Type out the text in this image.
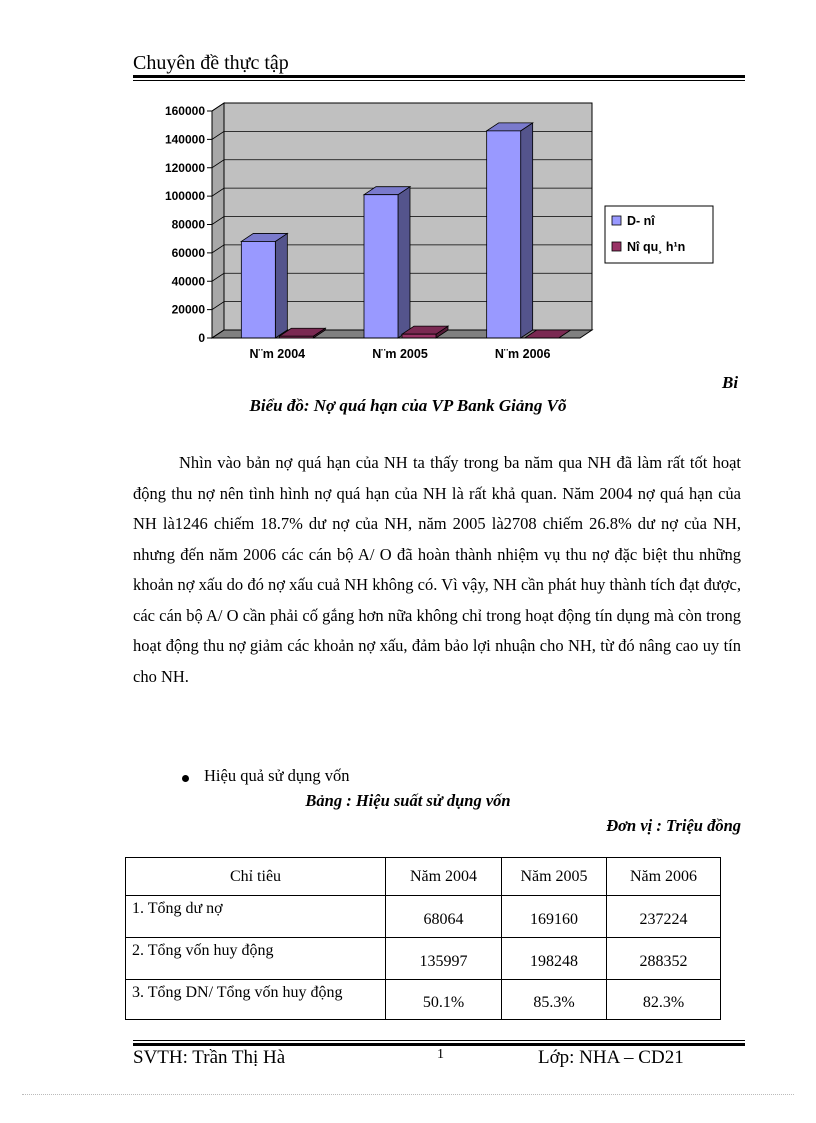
Chuyên đề thực tập
0
20000
40000
60000
80000
100000
120000
140000
160000
N¨m 2004	N¨m 2005	N¨m 2006
D- nî
Nî qu¸ h¹n
Bi
Biểu đồ: Nợ quá hạn của VP Bank Giảng Võ

Nhìn vào bản nợ quá hạn của NH ta thấy trong ba năm qua NH đã làm rất tốt hoạt động thu nợ nên tình hình nợ quá hạn của NH là rất khả quan. Năm 2004 nợ quá hạn của NH là1246 chiếm 18.7% dư nợ của NH, năm 2005 là2708 chiếm 26.8% dư nợ của NH, nhưng đến năm 2006 các cán bộ A/ O đã hoàn thành nhiệm vụ thu nợ đặc biệt thu những khoản nợ xấu do đó nợ xấu cuả NH không có. Vì vậy, NH cần phát huy thành tích đạt được, các cán bộ A/ O cần phải cố gắng hơn nữa không chỉ trong hoạt động tín dụng mà còn trong hoạt động thu nợ giảm các khoản nợ xấu, đảm bảo lợi nhuận cho NH, từ đó nâng cao uy tín cho NH.

Hiệu quả sử dụng vốn
Bảng : Hiệu suất sử dụng vốn
Đơn vị : Triệu đồng
Chỉ tiêu	Năm 2004	Năm 2005	Năm 2006
1. Tổng dư nợ	68064	169160	237224
2. Tổng vốn huy động	135997	198248	288352

3. Tổng DN/ Tổng vốn huy động	50.1%	85.3%	82.3%
SVTH: Trần Thị Hà	1	Lớp: NHA – CD21
